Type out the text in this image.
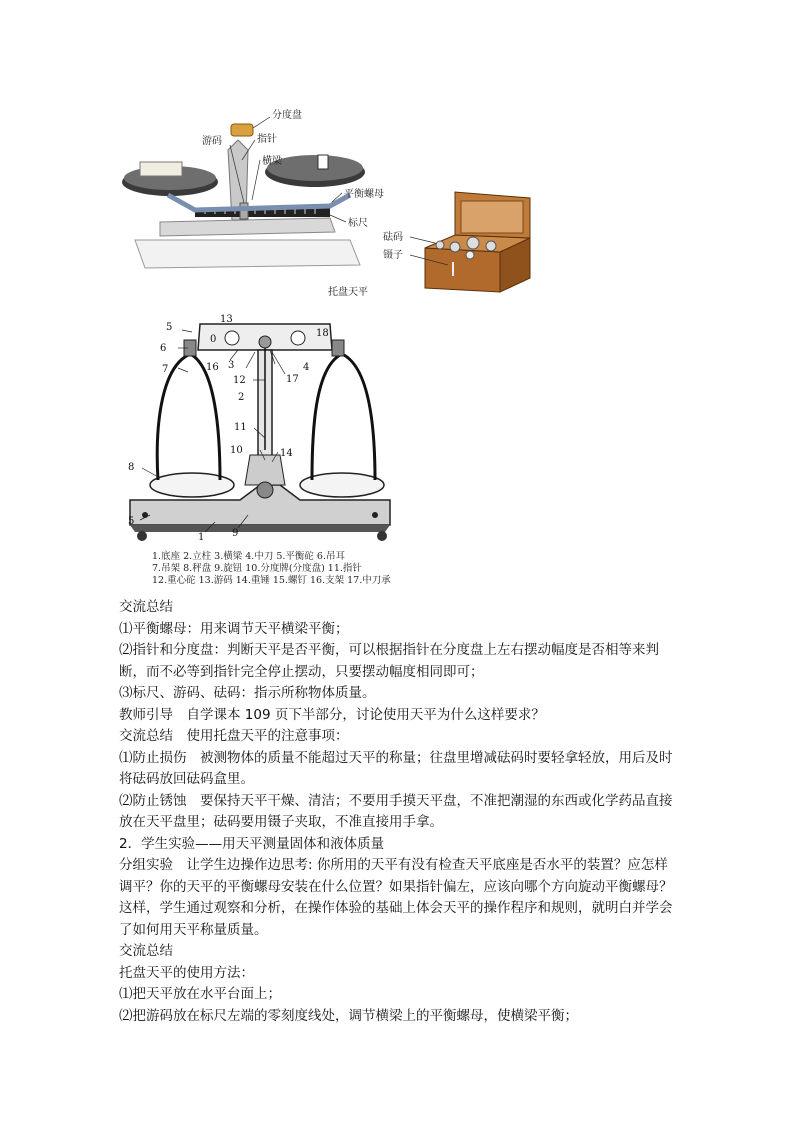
分度盘
游码	指针
横梁
平衡螺母
标尺
砝码
镊子
托盘天平
13
5
6
7
8
5
0
16 3
17
4
18
12
2
11
10	14
1	9
1.底座 2.立柱 3.横梁 4.中刀 5.平衡砣 6.吊耳
7.吊架 8.秤盘 9.旋钮 10.分度牌(分度盘) 11.指针
12.重心砣 13.游码 14.重锤 15.螺钉 16.支架 17.中刀承

交流总结

⑴平衡螺母：用来调节天平横梁平衡；

⑵指针和分度盘：判断天平是否平衡，可以根据指针在分度盘上左右摆动幅度是否相等来判断，而不必等到指针完全停止摆动，只要摆动幅度相同即可；

⑶标尺、游码、砝码：指示所称物体质量。

教师引导　自学课本 109 页下半部分，讨论使用天平为什么这样要求？

交流总结　使用托盘天平的注意事项：

⑴防止损伤　被测物体的质量不能超过天平的称量；往盘里增减砝码时要轻拿轻放，用后及时将砝码放回砝码盒里。

⑵防止锈蚀　要保持天平干燥、清洁；不要用手摸天平盘，不准把潮湿的东西或化学药品直接放在天平盘里；砝码要用镊子夹取，不准直接用手拿。

2．学生实验——用天平测量固体和液体质量

分组实验　让学生边操作边思考: 你所用的天平有没有检查天平底座是否水平的装置？应怎样调平？你的天平的平衡螺母安装在什么位置？如果指针偏左，应该向哪个方向旋动平衡螺母？这样，学生通过观察和分析，在操作体验的基础上体会天平的操作程序和规则，就明白并学会了如何用天平称量质量。

交流总结

托盘天平的使用方法：

⑴把天平放在水平台面上；

⑵把游码放在标尺左端的零刻度线处，调节横梁上的平衡螺母，使横梁平衡；
